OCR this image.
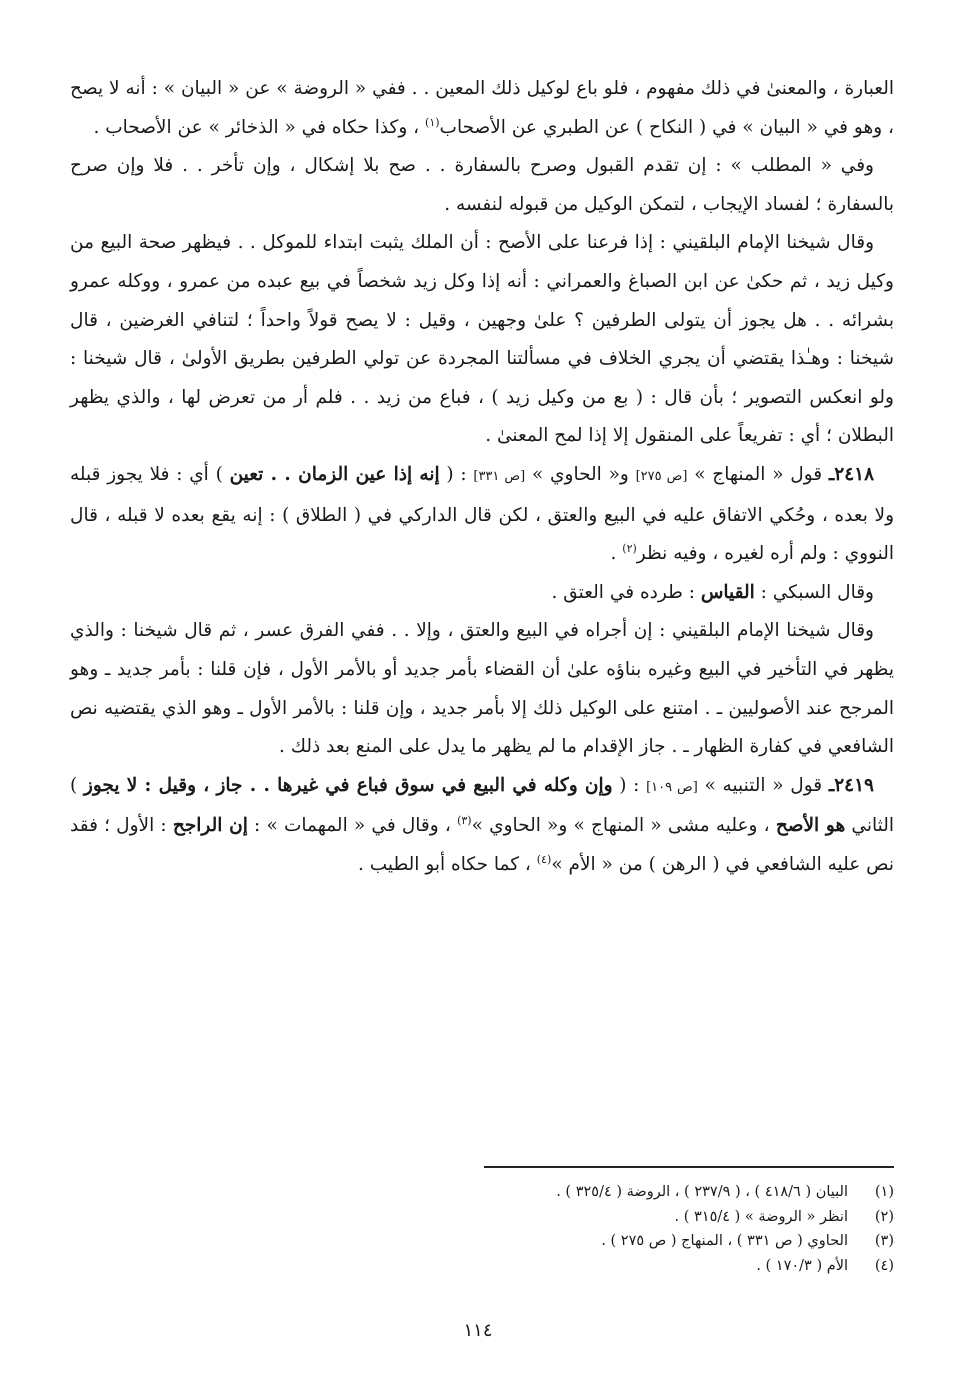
العبارة ، والمعنىٰ في ذلك مفهوم ، فلو باع لوكيل ذلك المعين . . ففي « الروضة » عن « البيان » : أنه لا يصح ، وهو في « البيان » في ( النكاح ) عن الطبري عن الأصحاب$^{(١)}$ ، وكذا حكاه في « الذخائر » عن الأصحاب .

وفي « المطلب » : إن تقدم القبول وصرح بالسفارة . . صح بلا إشكال ، وإن تأخر . . فلا وإن صرح بالسفارة ؛ لفساد الإيجاب ، لتمكن الوكيل من قبوله لنفسه .

وقال شيخنا الإمام البلقيني : إذا فرعنا على الأصح : أن الملك يثبت ابتداء للموكل . . فيظهر صحة البيع من وكيل زيد ، ثم حكىٰ عن ابن الصباغ والعمراني : أنه إذا وكل زيد شخصاً في بيع عبده من عمرو ، ووكله عمرو بشرائه . . هل يجوز أن يتولى الطرفين ؟ علىٰ وجهين ، وقيل : لا يصح قولاً واحداً ؛ لتنافي الغرضين ، قال شيخنا : وهـٰذا يقتضي أن يجري الخلاف في مسألتنا المجردة عن تولي الطرفين بطريق الأولىٰ ، قال شيخنا : ولو انعكس التصوير ؛ بأن قال : ( بع من وكيل زيد ) ، فباع من زيد . . فلم أر من تعرض لها ، والذي يظهر البطلان ؛ أي : تفريعاً على المنقول إلا إذا لمح المعنىٰ .

٢٤١٨ـ قول « المنهاج » [ص ٢٧٥] و« الحاوي » [ص ٣٣١] : ( إنه إذا عين الزمان . . تعين ) أي : فلا يجوز قبله ولا بعده ، وحُكي الاتفاق عليه في البيع والعتق ، لكن قال الداركي في ( الطلاق ) : إنه يقع بعده لا قبله ، قال النووي : ولم أره لغيره ، وفيه نظر$^{(٢)}$ .

وقال السبكي : القياس : طرده في العتق .

وقال شيخنا الإمام البلقيني : إن أجراه في البيع والعتق ، وإلا . . ففي الفرق عسر ، ثم قال شيخنا : والذي يظهر في التأخير في البيع وغيره بناؤه علىٰ أن القضاء بأمر جديد أو بالأمر الأول ، فإن قلنا : بأمر جديد ـ وهو المرجح عند الأصوليين ـ . امتنع على الوكيل ذلك إلا بأمر جديد ، وإن قلنا : بالأمر الأول ـ وهو الذي يقتضيه نص الشافعي في كفارة الظهار ـ . جاز الإقدام ما لم يظهر ما يدل على المنع بعد ذلك .

٢٤١٩ـ قول « التنبيه » [ص ١٠٩] : ( وإن وكله في البيع في سوق فباع في غيرها . . جاز ، وقيل : لا يجوز ) الثاني هو الأصح ، وعليه مشى « المنهاج » و« الحاوي »$^{(٣)}$ ، وقال في « المهمات » : إن الراجح : الأول ؛ فقد نص عليه الشافعي في ( الرهن ) من « الأم »$^{(٤)}$ ، كما حكاه أبو الطيب .

(١)
البيان ( ٤١٨/٦ ) ، ( ٢٣٧/٩ ) ، الروضة ( ٣٢٥/٤ ) .
(٢)
انظر « الروضة » ( ٣١٥/٤ ) .
(٣)
الحاوي ( ص ٣٣١ ) ، المنهاج ( ص ٢٧٥ ) .
(٤)
الأم ( ١٧٠/٣ ) .
١١٤
